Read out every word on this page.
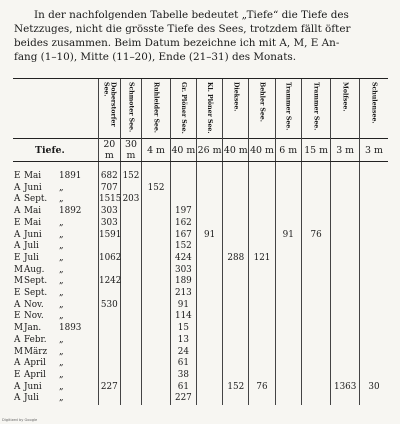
In der nachfolgenden Tabelle bedeutet „Tiefe“ die Tiefe des

Netzzuges, nicht die grösste Tiefe des Sees, trotzdem fällt öfter

beides zusammen. Beim Datum bezeichne ich mit A, M, E An-

fang (1–10), Mitte (11–20), Ende (21–31) des Monats.

	Doberstorfer See.	Schmoter See.	Ruhleider See.	Gr. Plöner See.	Kl. Plöner See.	Dieksee.	Behler See.	Trammer See.	Trammer See.	Molfsee.	Schulensee.

Tiefe.	20 m	30 m	4 m	40 m	26 m	40 m	40 m	6 m	15 m	3 m	3 m

E Mai 1891	682	152									
A Juni „	707		152								
A Sept. „	1515	203									
A Mai 1892	303			197							
E Mai „	303			162							
A Juni „	1591			167	91			91	76		
A Juli „				152							
E Juli „	1062			424		288	121				
MAug. „				303							
MSept. „	1242			189							
E Sept. „				213							
A Nov. „	530			91							
E Nov. „				114							
MJan. 1893				15							
A Febr. „				13							
MMärz „				24							
A April „				61							
E April „				38							
A Juni „	227			61		152	76			1363	30
A Juli „				227							
Digitized by Google
